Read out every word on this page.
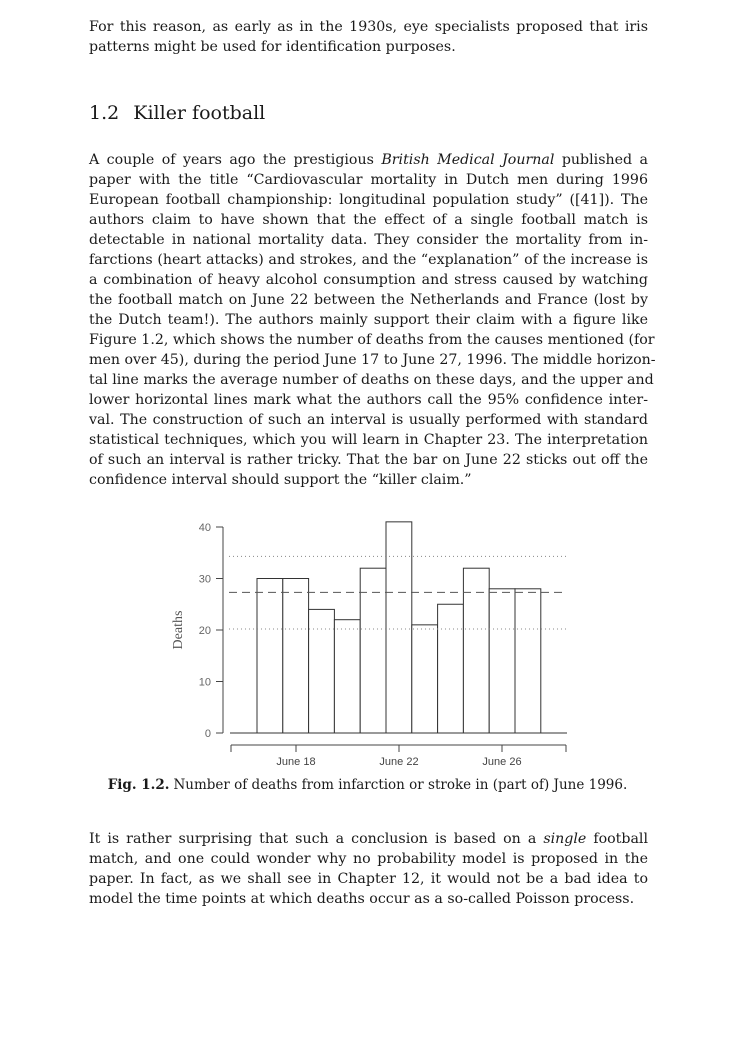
For this reason, as early as in the 1930s, eye specialists proposed that iris
patterns might be used for identification purposes.
1.2 Killer football
A couple of years ago the prestigious British Medical Journal published a
paper with the title “Cardiovascular mortality in Dutch men during 1996
European football championship: longitudinal population study” ([41]). The
authors claim to have shown that the effect of a single football match is
detectable in national mortality data. They consider the mortality from in-
farctions (heart attacks) and strokes, and the “explanation” of the increase is
a combination of heavy alcohol consumption and stress caused by watching
the football match on June 22 between the Netherlands and France (lost by
the Dutch team!). The authors mainly support their claim with a figure like
Figure 1.2, which shows the number of deaths from the causes mentioned (for
men over 45), during the period June 17 to June 27, 1996. The middle horizon-
tal line marks the average number of deaths on these days, and the upper and
lower horizontal lines mark what the authors call the 95% confidence inter-
val. The construction of such an interval is usually performed with standard
statistical techniques, which you will learn in Chapter 23. The interpretation
of such an interval is rather tricky. That the bar on June 22 sticks out off the
confidence interval should support the “killer claim.”
0
10
20
30
40
June 18	June 22	June 26
Deaths
Fig. 1.2. Number of deaths from infarction or stroke in (part of) June 1996.
It is rather surprising that such a conclusion is based on a single football
match, and one could wonder why no probability model is proposed in the
paper. In fact, as we shall see in Chapter 12, it would not be a bad idea to
model the time points at which deaths occur as a so-called Poisson process.
